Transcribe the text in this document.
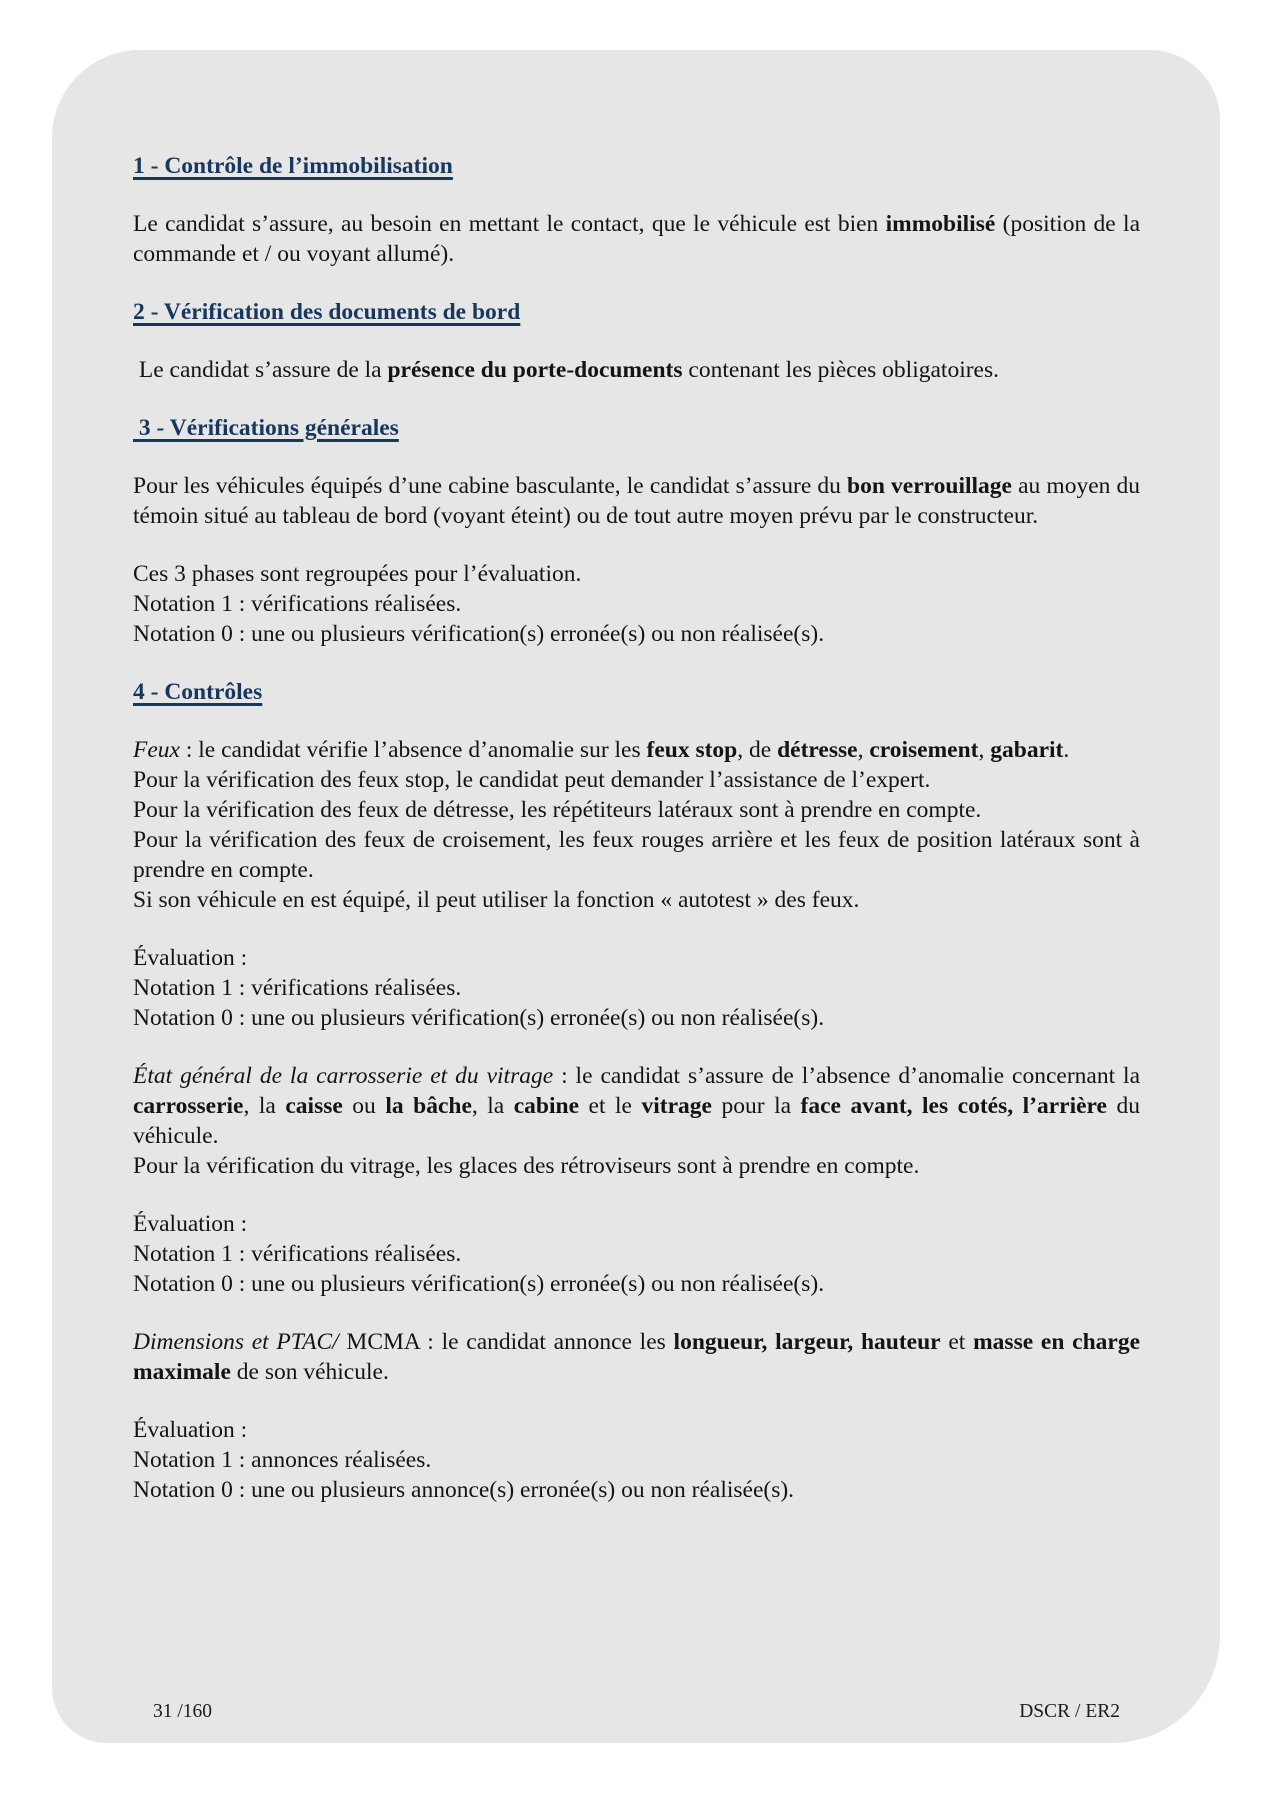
1 - Contrôle de l’immobilisation
Le candidat s’assure, au besoin en mettant le contact, que le véhicule est bien immobilisé (position de la commande et / ou voyant allumé).
2 - Vérification des documents de bord
Le candidat s’assure de la présence du porte-documents contenant les pièces obligatoires.
3 - Vérifications générales
Pour les véhicules équipés d’une cabine basculante, le candidat s’assure du bon verrouillage au moyen du témoin situé au tableau de bord (voyant éteint) ou de tout autre moyen prévu par le constructeur.
Ces 3 phases sont regroupées pour l’évaluation.
Notation 1 : vérifications réalisées.
Notation 0 : une ou plusieurs vérification(s) erronée(s) ou non réalisée(s).
4 - Contrôles
Feux : le candidat vérifie l’absence d’anomalie sur les feux stop, de détresse, croisement, gabarit.
Pour la vérification des feux stop, le candidat peut demander l’assistance de l’expert.
Pour la vérification des feux de détresse, les répétiteurs latéraux sont à prendre en compte.
Pour la vérification des feux de croisement, les feux rouges arrière et les feux de position latéraux sont à prendre en compte.
Si son véhicule en est équipé, il peut utiliser la fonction « autotest » des feux.
Évaluation :
Notation 1 : vérifications réalisées.
Notation 0 : une ou plusieurs vérification(s) erronée(s) ou non réalisée(s).
État général de la carrosserie et du vitrage : le candidat s’assure de l’absence d’anomalie concernant la carrosserie, la caisse ou la bâche, la cabine et le vitrage pour la face avant, les cotés, l’arrière du véhicule.
Pour la vérification du vitrage, les glaces des rétroviseurs sont à prendre en compte.
Évaluation :
Notation 1 : vérifications réalisées.
Notation 0 : une ou plusieurs vérification(s) erronée(s) ou non réalisée(s).
Dimensions et PTAC/ MCMA : le candidat annonce les longueur, largeur, hauteur et masse en charge maximale de son véhicule.
Évaluation :
Notation 1 : annonces réalisées.
Notation 0 : une ou plusieurs annonce(s) erronée(s) ou non réalisée(s).
31 /160	DSCR / ER2
